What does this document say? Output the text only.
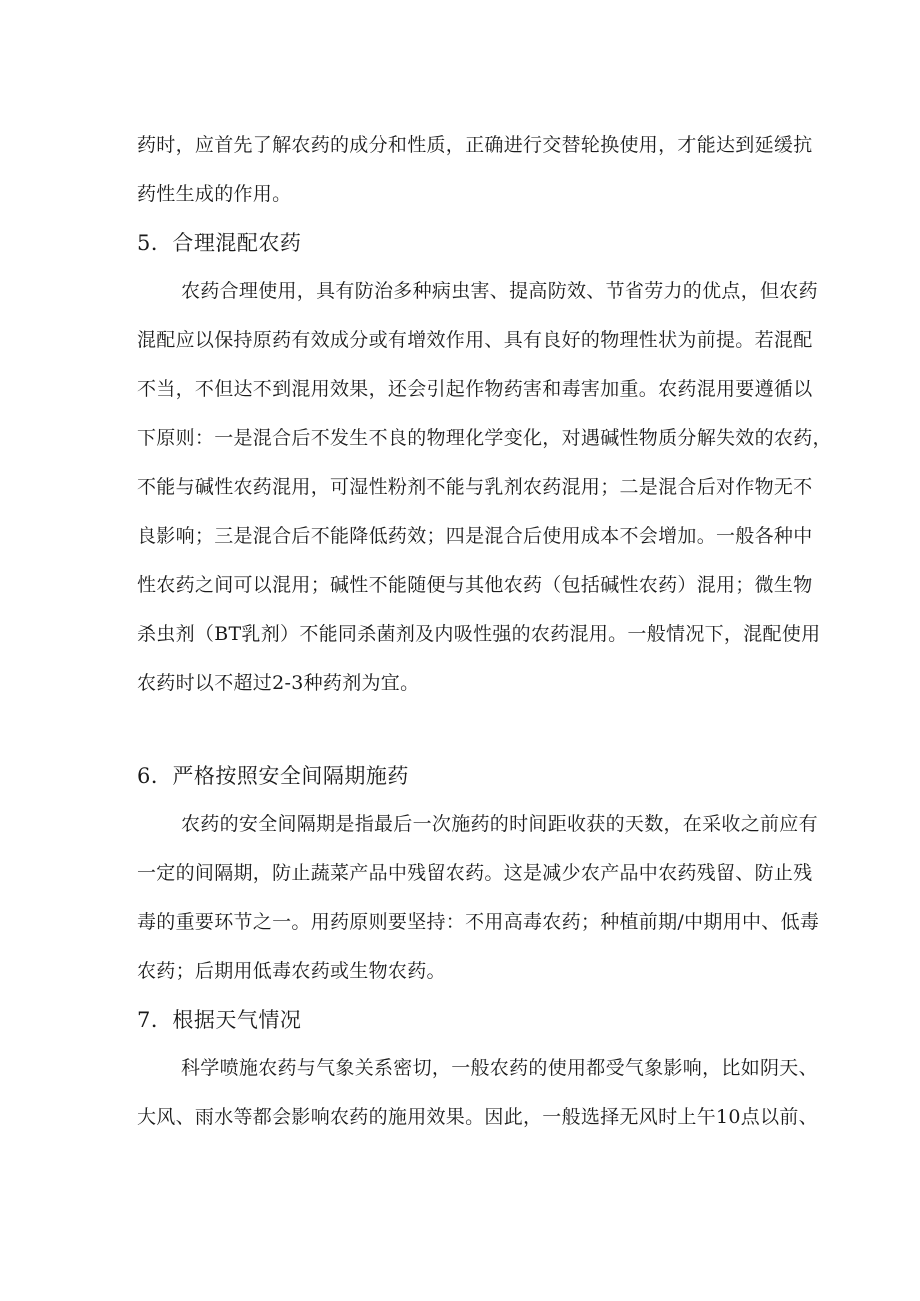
药时，应首先了解农药的成分和性质，正确进行交替轮换使用，才能达到延缓抗
药性生成的作用。
5．合理混配农药
农药合理使用，具有防治多种病虫害、提高防效、节省劳力的优点，但农药
混配应以保持原药有效成分或有增效作用、具有良好的物理性状为前提。若混配
不当，不但达不到混用效果，还会引起作物药害和毒害加重。农药混用要遵循以
下原则：一是混合后不发生不良的物理化学变化，对遇碱性物质分解失效的农药，
不能与碱性农药混用，可湿性粉剂不能与乳剂农药混用；二是混合后对作物无不
良影响；三是混合后不能降低药效；四是混合后使用成本不会增加。一般各种中
性农药之间可以混用；碱性不能随便与其他农药（包括碱性农药）混用；微生物
杀虫剂（BT乳剂）不能同杀菌剂及内吸性强的农药混用。一般情况下，混配使用
农药时以不超过2-3种药剂为宜。
6．严格按照安全间隔期施药
农药的安全间隔期是指最后一次施药的时间距收获的天数，在采收之前应有
一定的间隔期，防止蔬菜产品中残留农药。这是减少农产品中农药残留、防止残
毒的重要环节之一。用药原则要坚持：不用高毒农药；种植前期/中期用中、低毒
农药；后期用低毒农药或生物农药。
7．根据天气情况
科学喷施农药与气象关系密切，一般农药的使用都受气象影响，比如阴天、
大风、雨水等都会影响农药的施用效果。因此，一般选择无风时上午10点以前、
